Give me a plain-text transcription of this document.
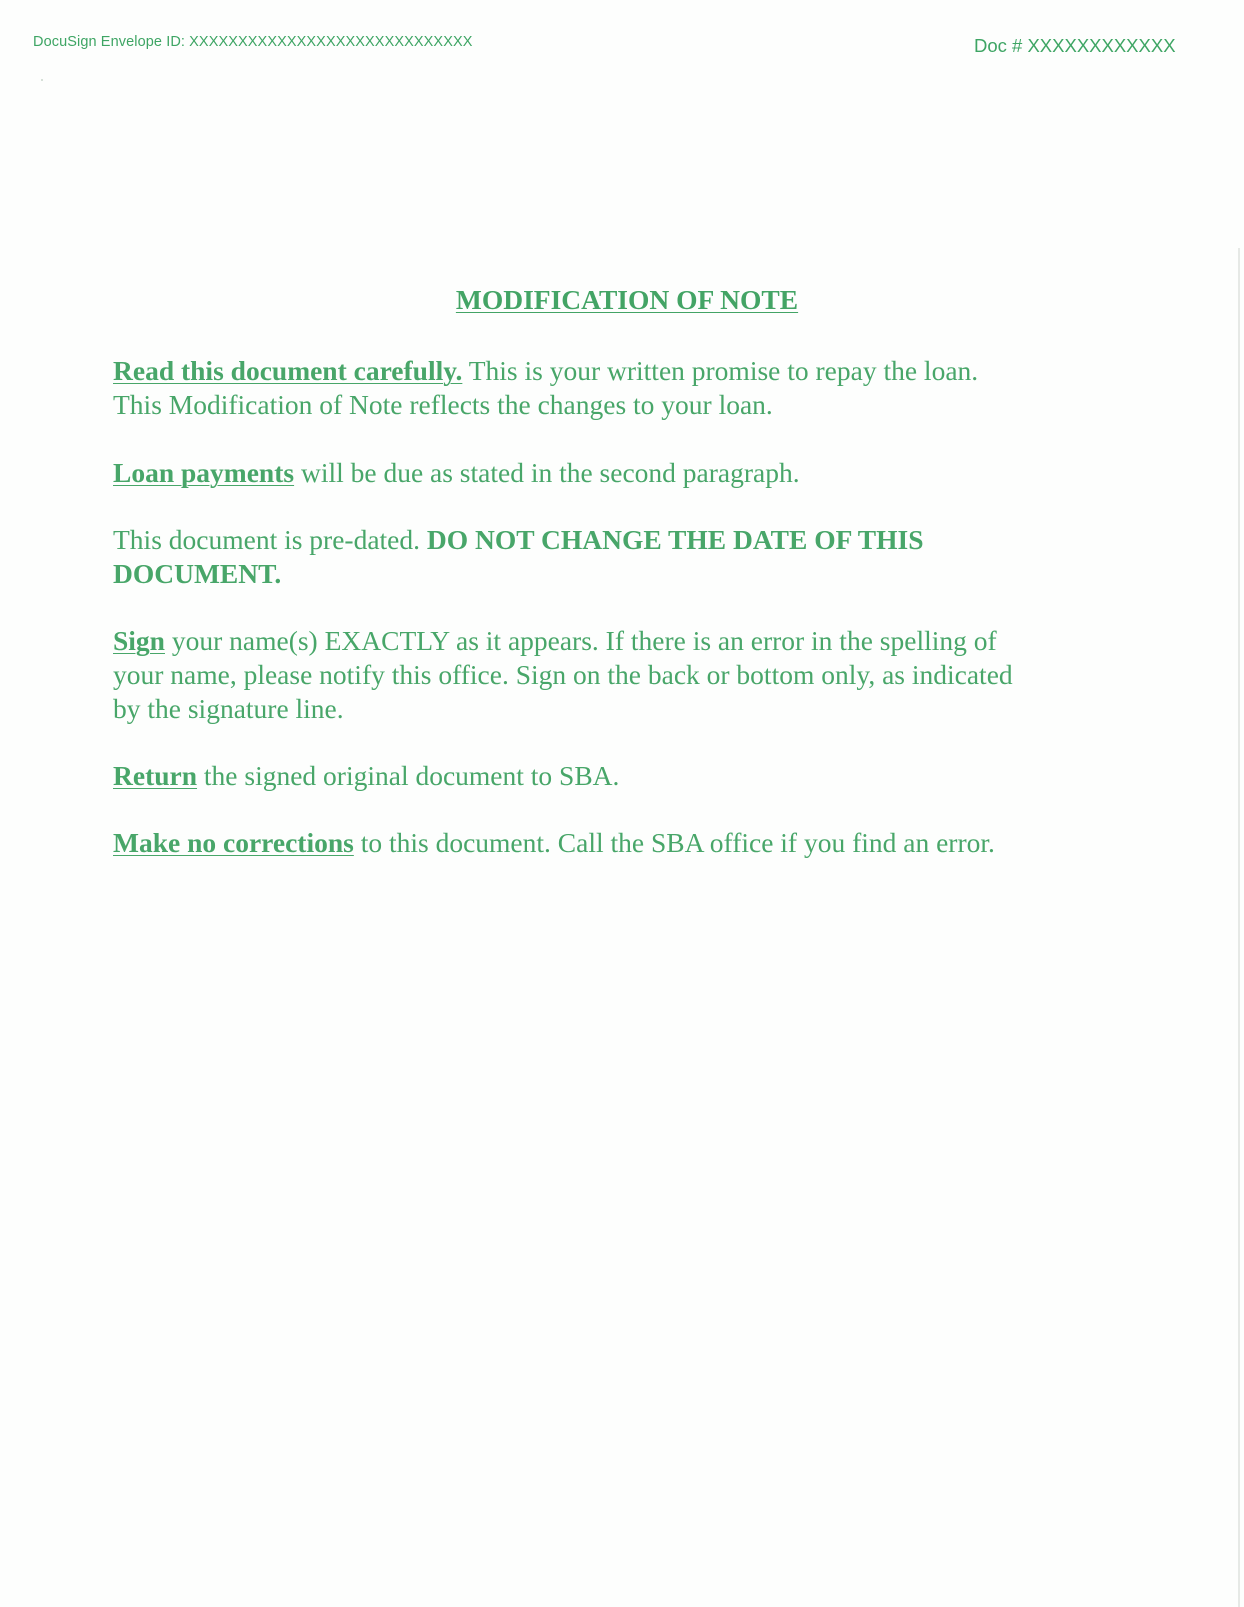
DocuSign Envelope ID: XXXXXXXXXXXXXXXXXXXXXXXXXXXXX	Doc # XXXXXXXXXXXX
MODIFICATION OF NOTE
Read this document carefully. This is your written promise to repay the loan.
This Modification of Note reflects the changes to your loan.
Loan payments will be due as stated in the second paragraph.
This document is pre-dated. DO NOT CHANGE THE DATE OF THIS
DOCUMENT.
Sign your name(s) EXACTLY as it appears. If there is an error in the spelling of
your name, please notify this office. Sign on the back or bottom only, as indicated
by the signature line.
Return the signed original document to SBA.
Make no corrections to this document. Call the SBA office if you find an error.
